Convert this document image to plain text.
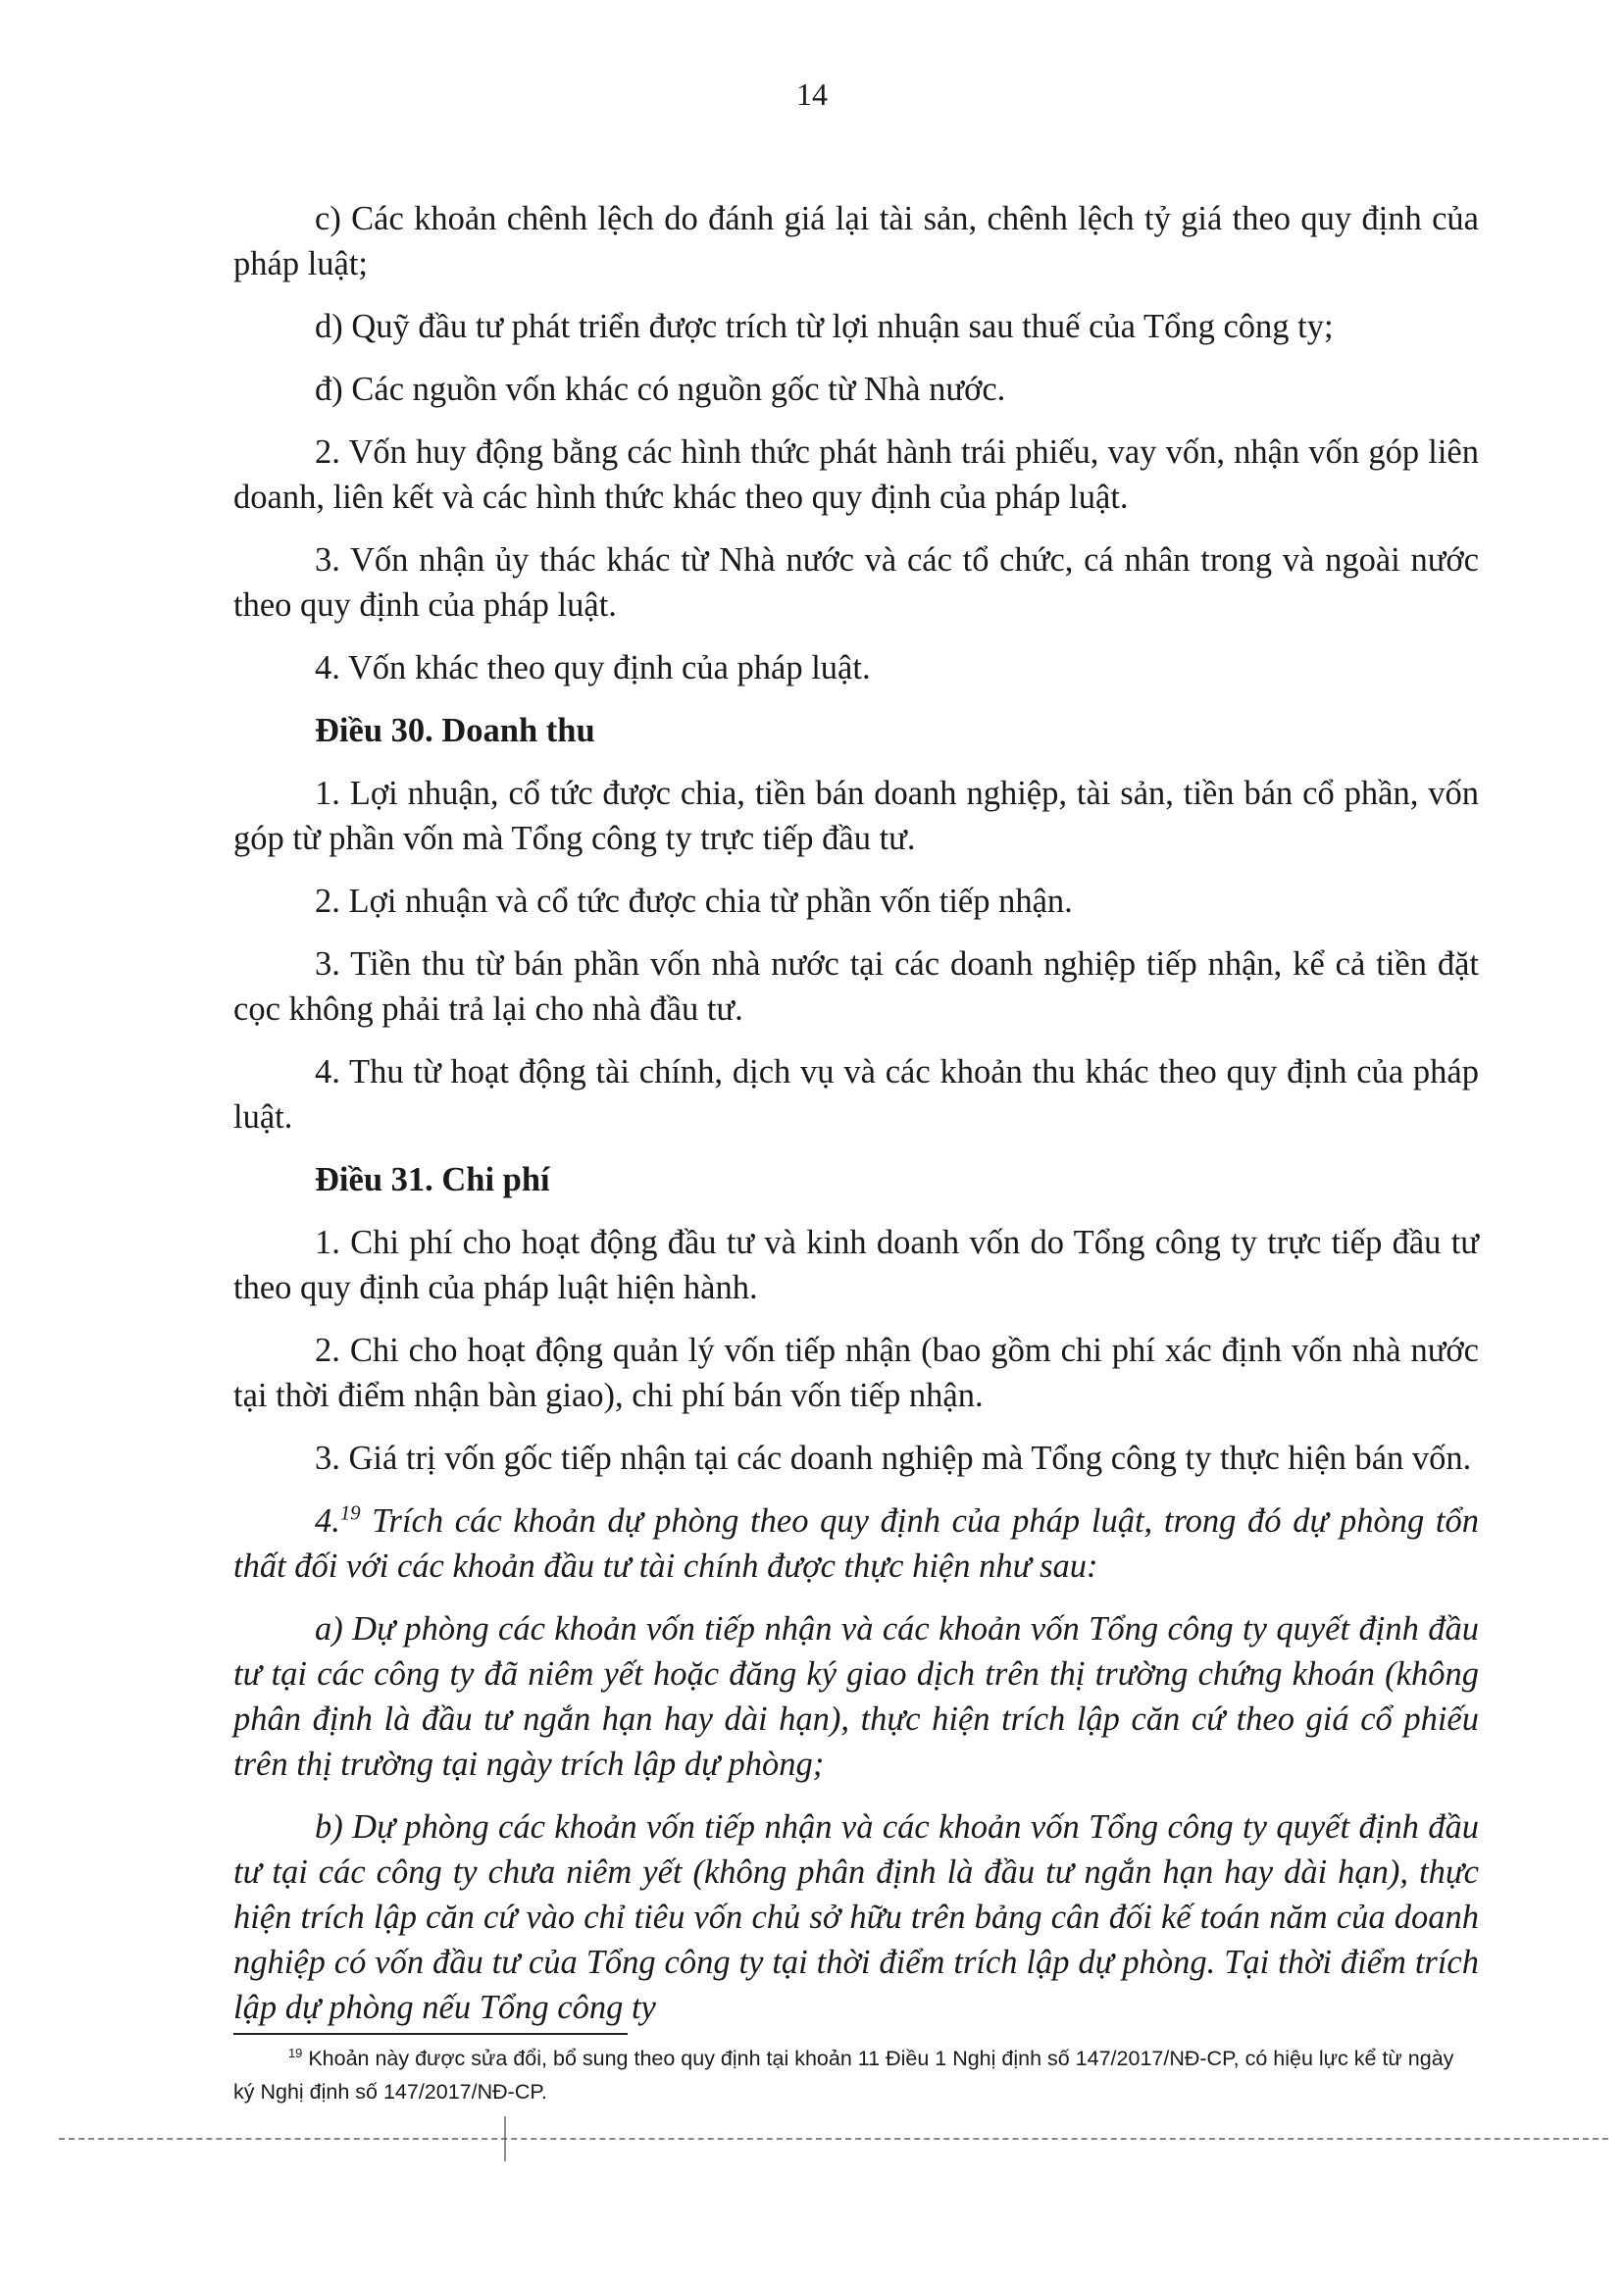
14

c) Các khoản chênh lệch do đánh giá lại tài sản, chênh lệch tỷ giá theo quy định của pháp luật;

d) Quỹ đầu tư phát triển được trích từ lợi nhuận sau thuế của Tổng công ty;

đ) Các nguồn vốn khác có nguồn gốc từ Nhà nước.

2. Vốn huy động bằng các hình thức phát hành trái phiếu, vay vốn, nhận vốn góp liên doanh, liên kết và các hình thức khác theo quy định của pháp luật.

3. Vốn nhận ủy thác khác từ Nhà nước và các tổ chức, cá nhân trong và ngoài nước theo quy định của pháp luật.

4. Vốn khác theo quy định của pháp luật.

Điều 30. Doanh thu

1. Lợi nhuận, cổ tức được chia, tiền bán doanh nghiệp, tài sản, tiền bán cổ phần, vốn góp từ phần vốn mà Tổng công ty trực tiếp đầu tư.

2. Lợi nhuận và cổ tức được chia từ phần vốn tiếp nhận.

3. Tiền thu từ bán phần vốn nhà nước tại các doanh nghiệp tiếp nhận, kể cả tiền đặt cọc không phải trả lại cho nhà đầu tư.

4. Thu từ hoạt động tài chính, dịch vụ và các khoản thu khác theo quy định của pháp luật.

Điều 31. Chi phí

1. Chi phí cho hoạt động đầu tư và kinh doanh vốn do Tổng công ty trực tiếp đầu tư theo quy định của pháp luật hiện hành.

2. Chi cho hoạt động quản lý vốn tiếp nhận (bao gồm chi phí xác định vốn nhà nước tại thời điểm nhận bàn giao), chi phí bán vốn tiếp nhận.

3. Giá trị vốn gốc tiếp nhận tại các doanh nghiệp mà Tổng công ty thực hiện bán vốn.

4.19 Trích các khoản dự phòng theo quy định của pháp luật, trong đó dự phòng tổn thất đối với các khoản đầu tư tài chính được thực hiện như sau:

a) Dự phòng các khoản vốn tiếp nhận và các khoản vốn Tổng công ty quyết định đầu tư tại các công ty đã niêm yết hoặc đăng ký giao dịch trên thị trường chứng khoán (không phân định là đầu tư ngắn hạn hay dài hạn), thực hiện trích lập căn cứ theo giá cổ phiếu trên thị trường tại ngày trích lập dự phòng;

b) Dự phòng các khoản vốn tiếp nhận và các khoản vốn Tổng công ty quyết định đầu tư tại các công ty chưa niêm yết (không phân định là đầu tư ngắn hạn hay dài hạn), thực hiện trích lập căn cứ vào chỉ tiêu vốn chủ sở hữu trên bảng cân đối kế toán năm của doanh nghiệp có vốn đầu tư của Tổng công ty tại thời điểm trích lập dự phòng. Tại thời điểm trích lập dự phòng nếu Tổng công ty

$^{19}$ Khoản này được sửa đổi, bổ sung theo quy định tại khoản 11 Điều 1 Nghị định số 147/2017/NĐ-CP, có hiệu lực kể từ ngày ký Nghị định số 147/2017/NĐ-CP.
